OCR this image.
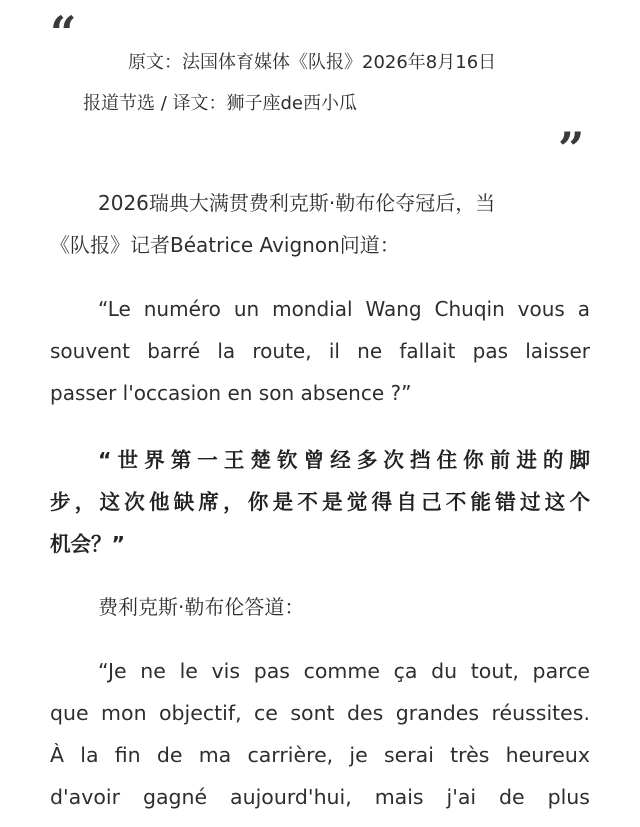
“
原文：法国体育媒体《队报》2026年8月16日
报道节选 / 译文：狮子座de西小瓜
”
2026瑞典大满贯费利克斯·勒布伦夺冠后，当
《队报》记者Béatrice Avignon问道：
“Le numéro un mondial Wang Chuqin vous a
souvent barré la route, il ne fallait pas laisser
passer l'occasion en son absence ?”
“世界第一王楚钦曾经多次挡住你前进的脚
步，这次他缺席，你是不是觉得自己不能错过这个
机会？”
费利克斯·勒布伦答道：
“Je ne le vis pas comme ça du tout, parce
que mon objectif, ce sont des grandes réussites.
À la fin de ma carrière, je serai très heureux
d'avoir gagné aujourd'hui, mais j'ai de plus
